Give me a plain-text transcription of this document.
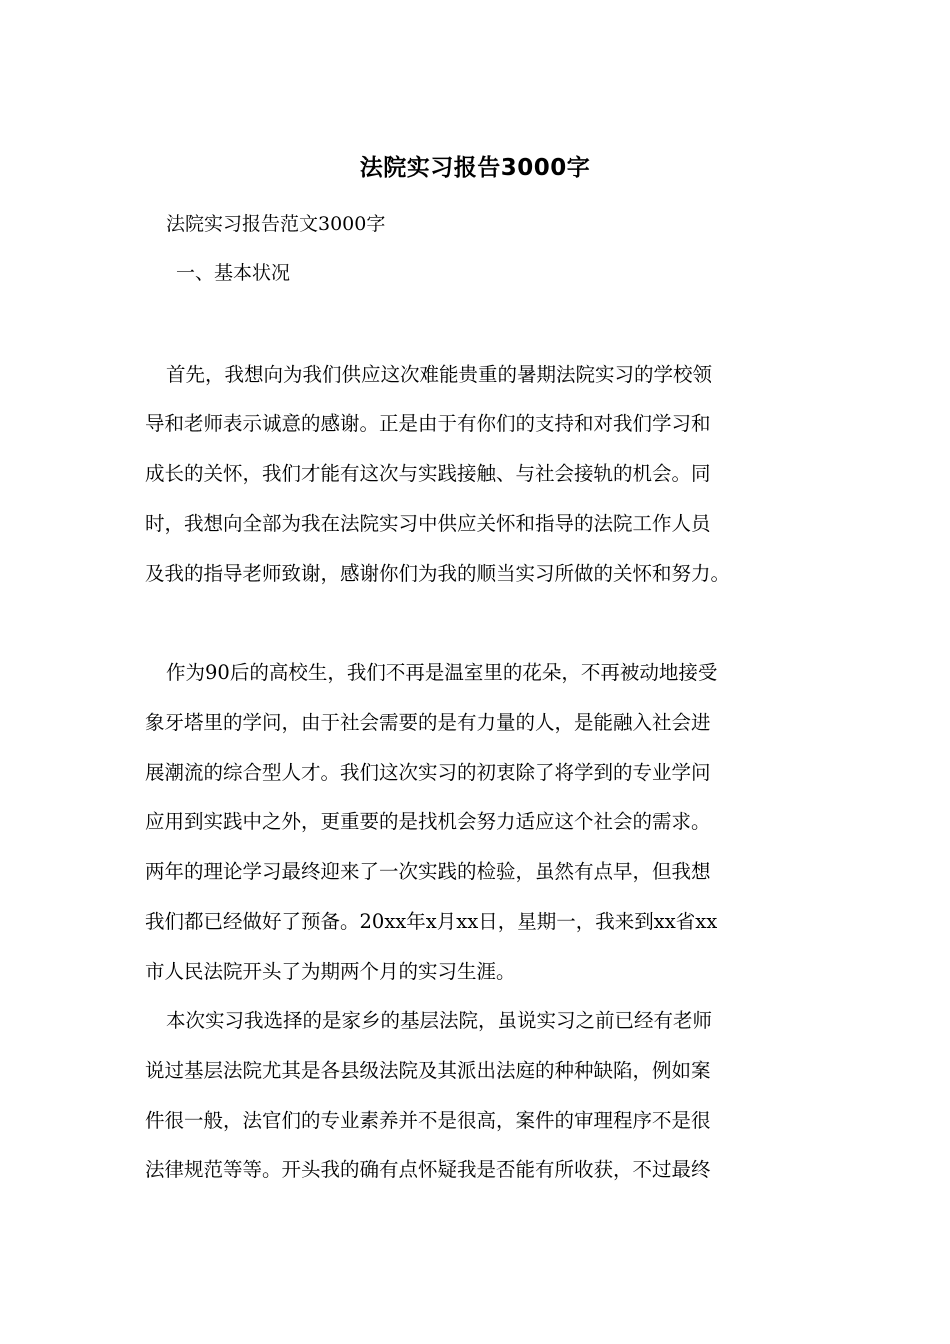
法院实习报告3000字
法院实习报告范文3000字
一、基本状况
首先，我想向为我们供应这次难能贵重的暑期法院实习的学校领
导和老师表示诚意的感谢。正是由于有你们的支持和对我们学习和
成长的关怀，我们才能有这次与实践接触、与社会接轨的机会。同
时，我想向全部为我在法院实习中供应关怀和指导的法院工作人员
及我的指导老师致谢，感谢你们为我的顺当实习所做的关怀和努力。
作为90后的高校生，我们不再是温室里的花朵，不再被动地接受
象牙塔里的学问，由于社会需要的是有力量的人，是能融入社会进
展潮流的综合型人才。我们这次实习的初衷除了将学到的专业学问
应用到实践中之外，更重要的是找机会努力适应这个社会的需求。
两年的理论学习最终迎来了一次实践的检验，虽然有点早，但我想
我们都已经做好了预备。20xx年x月xx日，星期一，我来到xx省xx
市人民法院开头了为期两个月的实习生涯。
本次实习我选择的是家乡的基层法院，虽说实习之前已经有老师
说过基层法院尤其是各县级法院及其派出法庭的种种缺陷，例如案
件很一般，法官们的专业素养并不是很高，案件的审理程序不是很
法律规范等等。开头我的确有点怀疑我是否能有所收获，不过最终
